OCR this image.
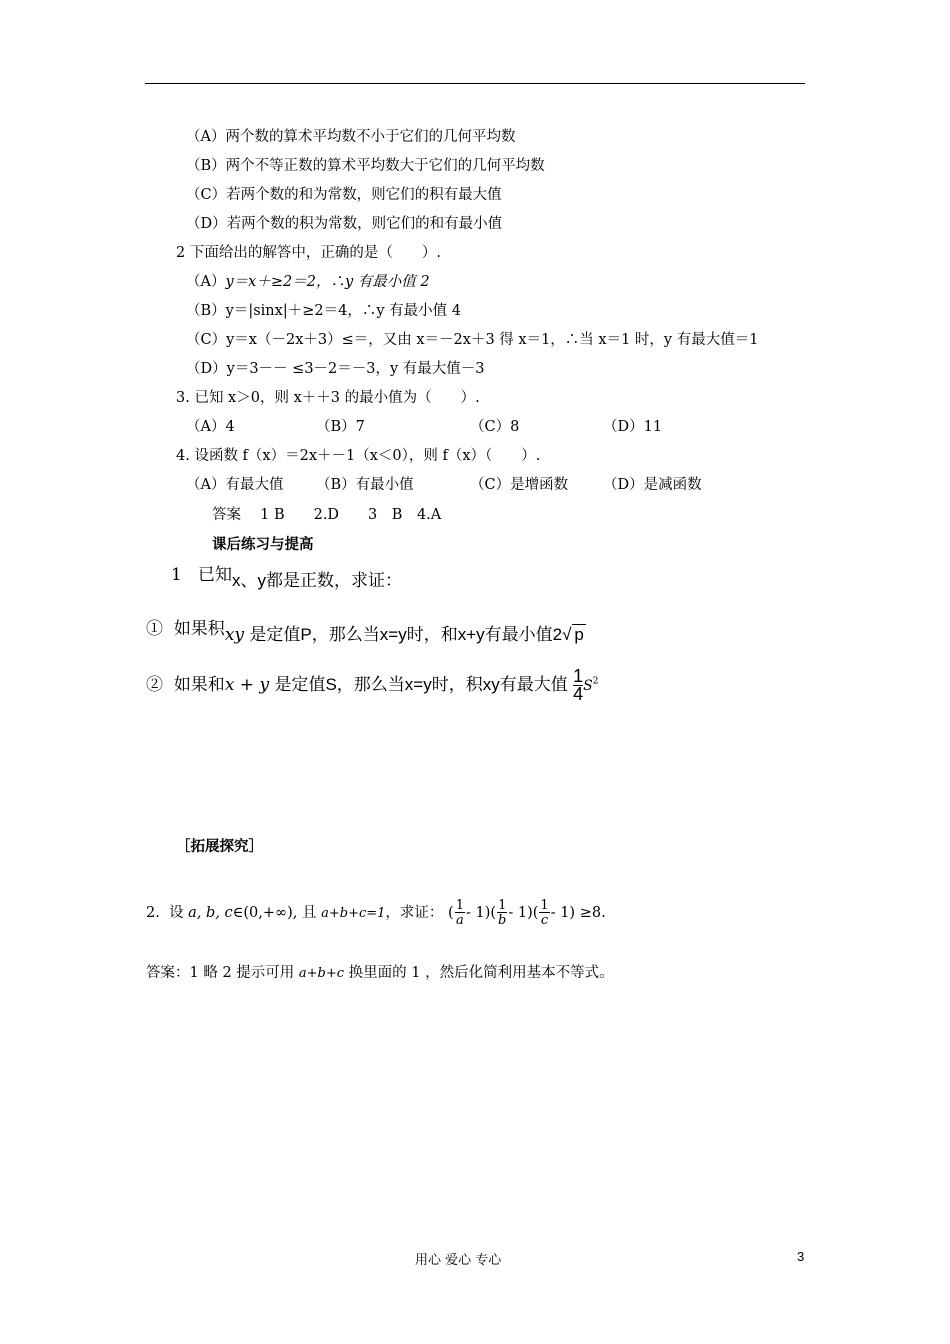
（A）两个数的算术平均数不小于它们的几何平均数
（B）两个不等正数的算术平均数大于它们的几何平均数
（C）若两个数的和为常数，则它们的积有最大值
（D）若两个数的积为常数，则它们的和有最小值
2 下面给出的解答中，正确的是（　　）.
（A）y＝x＋≥2＝2，∴y 有最小值 2
（B）y＝|sinx|＋≥2＝4，∴y 有最小值 4
（C）y＝x（－2x＋3）≤＝，又由 x＝－2x＋3 得 x＝1，∴当 x＝1 时，y 有最大值＝1
（D）y＝3－－ ≤3－2＝－3，y 有最大值－3
3. 已知 x＞0，则 x＋＋3 的最小值为（　　）.
（A）4	（B）7	（C）8	（D）11
4. 设函数 f（x）＝2x＋－1（x＜0），则 f（x）（　　）.
（A）有最大值 （B）有最小值	（C）是增函数 （D）是减函数
答案　 1 B　　2.D　　3　B　4.A
课后练习与提高
1 已知x、y都是正数，求证：
① 如果积xy 是定值P，那么当x=y时，和x+y有最小值2√ p
② 如果和x + y 是定值S，那么当x=y时，积xy有最大值 $\frac{1}{4}S^2$
［拓展探究］
2. 设 a, b, c∈(0,+∞), 且 a+b+c=1，求证： ( $\frac{1}{a} - 1)( \frac{1}{b} - 1)( \frac{1}{c} - 1) \ge 8$.
答案：1 略 2 提示可用 a+b+c 换里面的 1 ，然后化简利用基本不等式。
用心 爱心 专心	3
